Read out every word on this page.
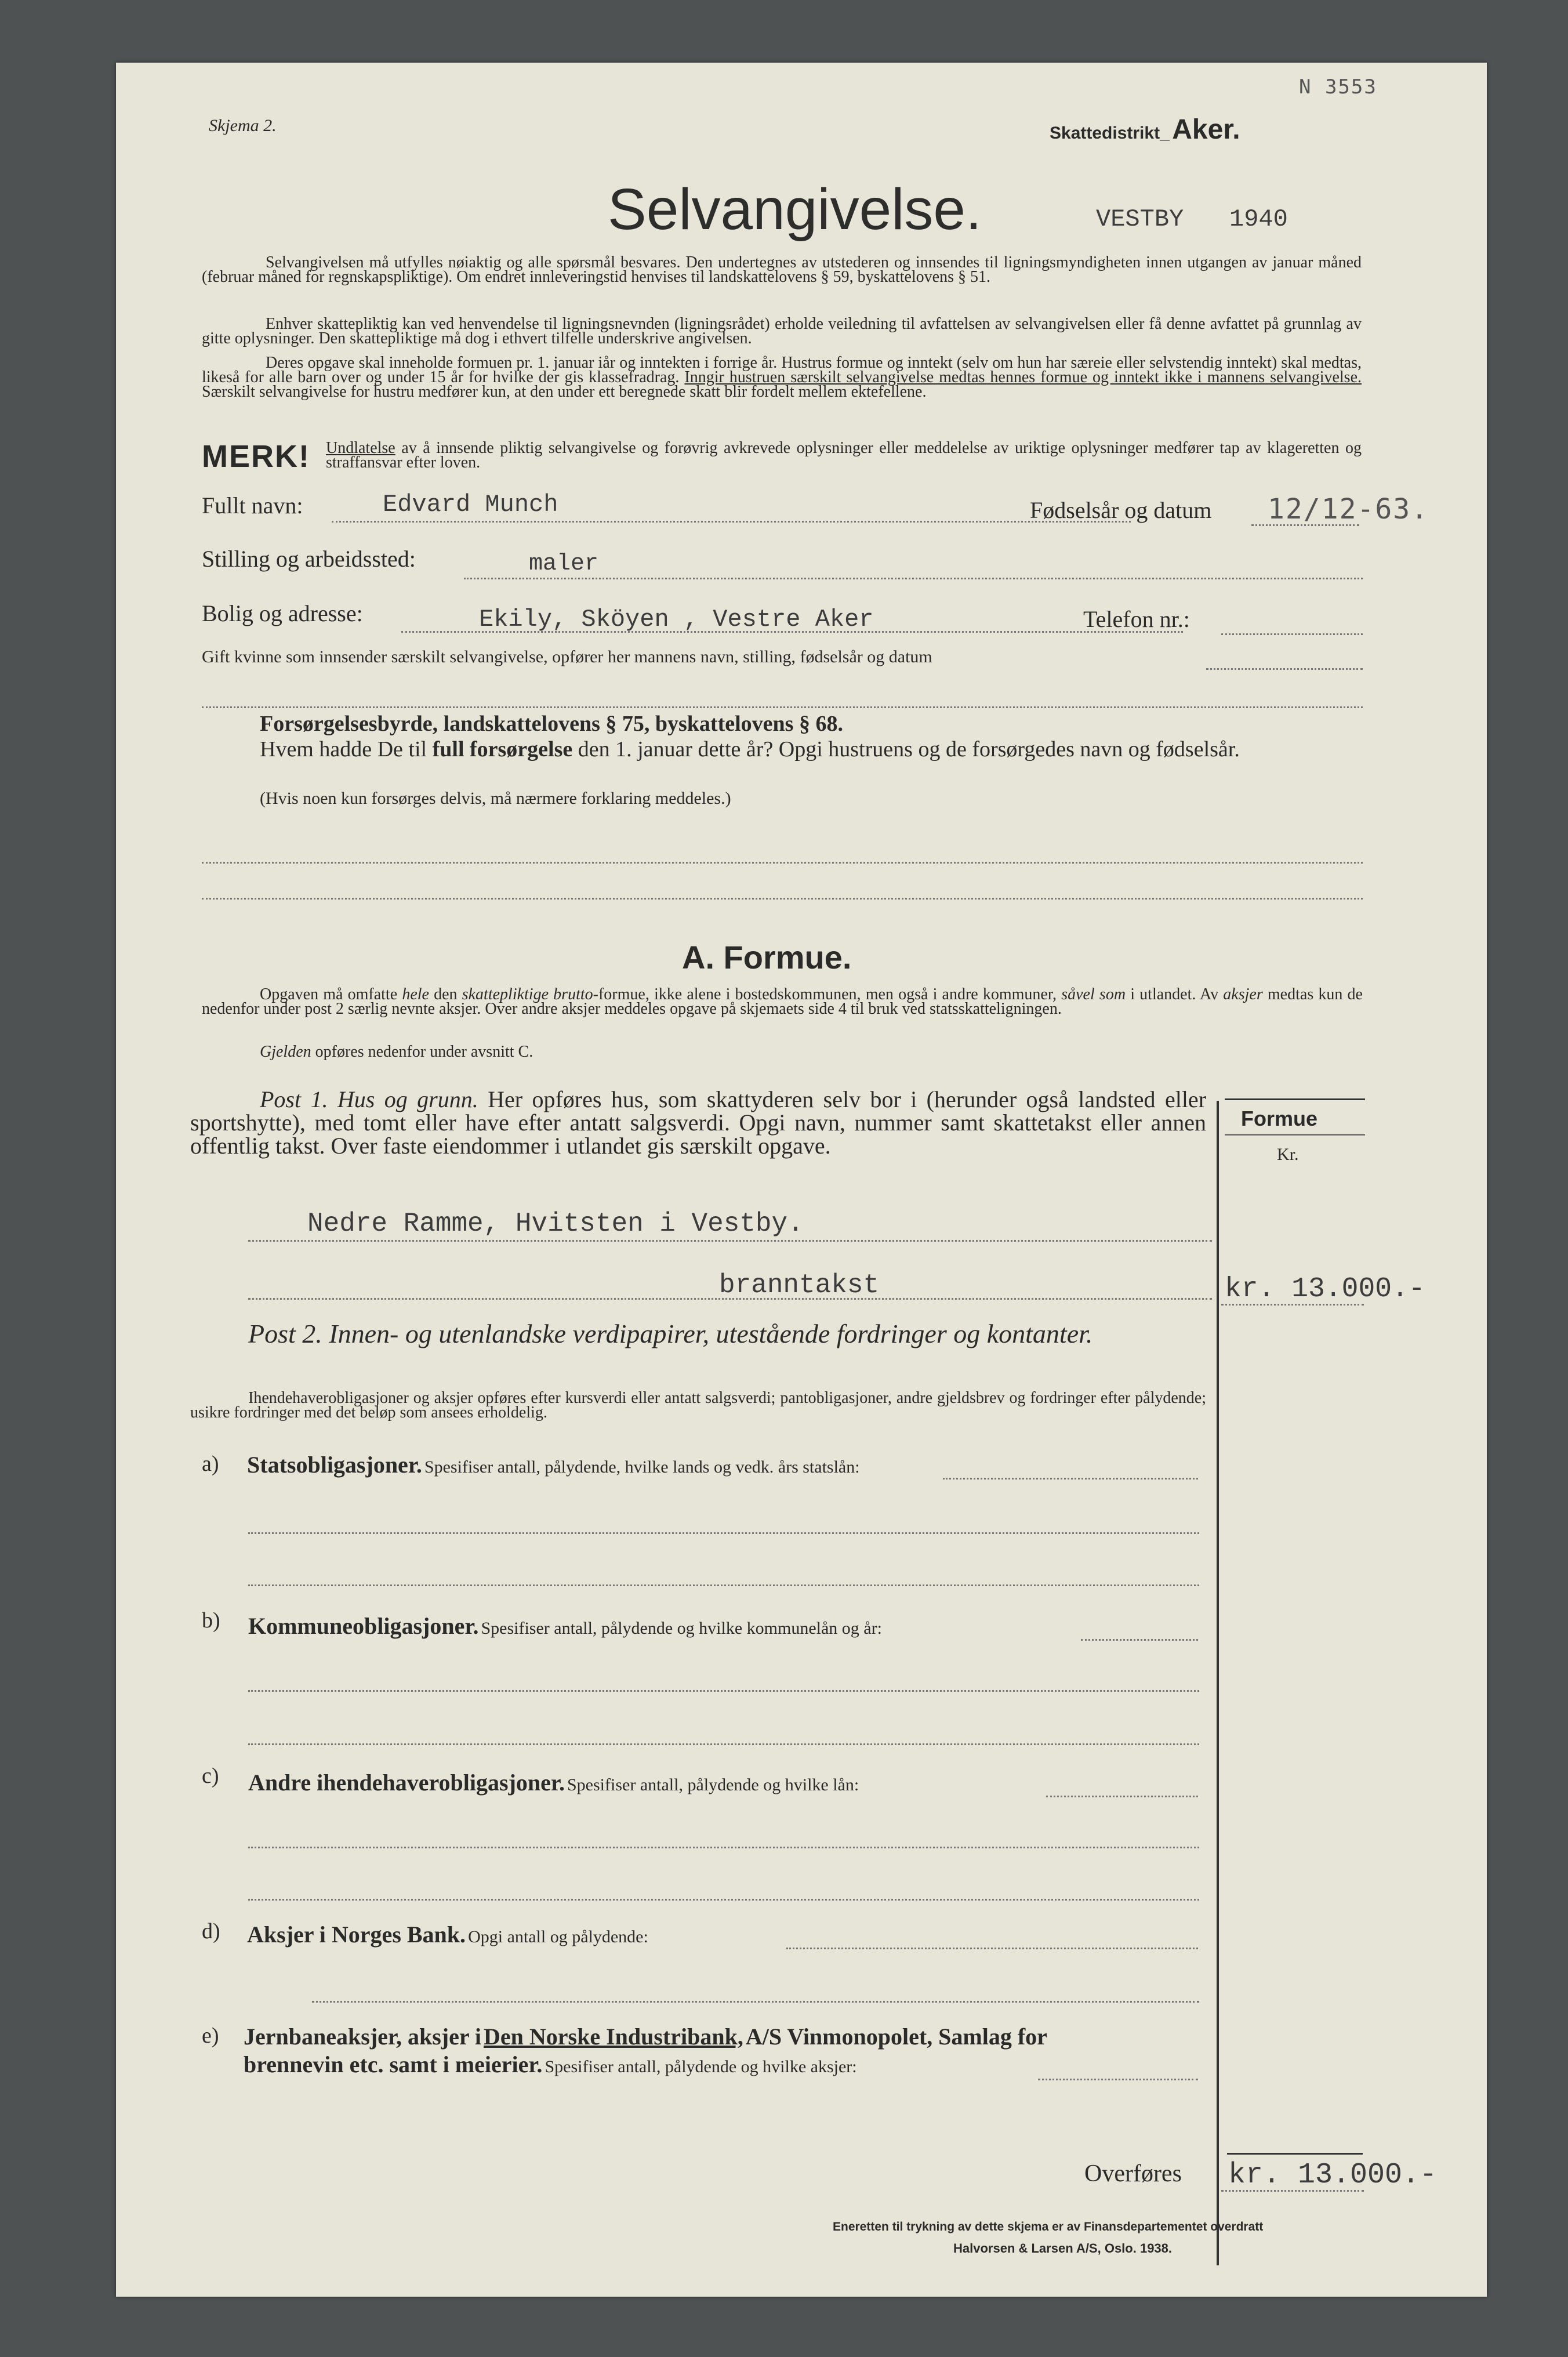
N 3553
Skjema 2.	Skattedistrikt_ Aker.
Selvangivelse.	VESTBY 1940
Selvangivelsen må utfylles nøiaktig og alle spørsmål besvares. Den undertegnes av utstederen og innsendes til ligningsmyndigheten innen utgangen av januar måned (februar måned for regnskapspliktige). Om endret innleveringstid henvises til landskattelovens § 59, byskattelovens § 51.
Enhver skattepliktig kan ved henvendelse til ligningsnevnden (ligningsrådet) erholde veiledning til avfattelsen av selvangivelsen eller få denne avfattet på grunnlag av gitte oplysninger. Den skattepliktige må dog i ethvert tilfelle underskrive angivelsen.
Deres opgave skal inneholde formuen pr. 1. januar iår og inntekten i forrige år. Hustrus formue og inntekt (selv om hun har særeie eller selvstendig inntekt) skal medtas, likeså for alle barn over og under 15 år for hvilke der gis klassefradrag. Inngir hustruen særskilt selvangivelse medtas hennes formue og inntekt ikke i mannens selvangivelse. Særskilt selvangivelse for hustru medfører kun, at den under ett beregnede skatt blir fordelt mellem ektefellene.
MERK! Undlatelse av å innsende pliktig selvangivelse og forøvrig avkrevede oplysninger eller meddelelse av uriktige oplysninger medfører tap av klageretten og straffansvar efter loven.
Fullt navn:	Edvard Munch	Fødselsår og datum 12/12-63.
Stilling og arbeidssted:	maler
Bolig og adresse:	Ekily, Sköyen , Vestre Aker	Telefon nr.:
Gift kvinne som innsender særskilt selvangivelse, opfører her mannens navn, stilling, fødselsår og datum
Forsørgelsesbyrde, landskattelovens § 75, byskattelovens § 68.
Hvem hadde De til full forsørgelse den 1. januar dette år? Opgi hustruens og de forsørgedes navn og fødselsår.
(Hvis noen kun forsørges delvis, må nærmere forklaring meddeles.)
A. Formue.
Opgaven må omfatte hele den skattepliktige brutto-formue, ikke alene i bostedskommunen, men også i andre kommuner, såvel som i utlandet. Av aksjer medtas kun de nedenfor under post 2 særlig nevnte aksjer. Over andre aksjer meddeles opgave på skjemaets side 4 til bruk ved statsskatteligningen.
Gjelden opføres nedenfor under avsnitt C.
Formue
Kr.
Post 1. Hus og grunn. Her opføres hus, som skattyderen selv bor i (herunder også landsted eller sportshytte), med tomt eller have efter antatt salgsverdi. Opgi navn, nummer samt skattetakst eller annen offentlig takst. Over faste eiendommer i utlandet gis særskilt opgave.
Nedre Ramme, Hvitsten i Vestby.
branntakst	kr. 13.000.-
Post 2. Innen- og utenlandske verdipapirer, utestående fordringer og kontanter.
Ihendehaverobligasjoner og aksjer opføres efter kursverdi eller antatt salgsverdi; pantobligasjoner, andre gjeldsbrev og fordringer efter pålydende; usikre fordringer med det beløp som ansees erholdelig.
a) Statsobligasjoner. Spesifiser antall, pålydende, hvilke lands og vedk. års statslån:
b) Kommuneobligasjoner. Spesifiser antall, pålydende og hvilke kommunelån og år:
c) Andre ihendehaverobligasjoner. Spesifiser antall, pålydende og hvilke lån:
d) Aksjer i Norges Bank. Opgi antall og pålydende:
e) Jernbaneaksjer, aksjer i Den Norske Industribank, A/S Vinmonopolet, Samlag for
brennevin etc. samt i meierier. Spesifiser antall, pålydende og hvilke aksjer:
Overføres kr. 13.000.-
Eneretten til trykning av dette skjema er av Finansdepartementet overdratt
Halvorsen & Larsen A/S, Oslo. 1938.
